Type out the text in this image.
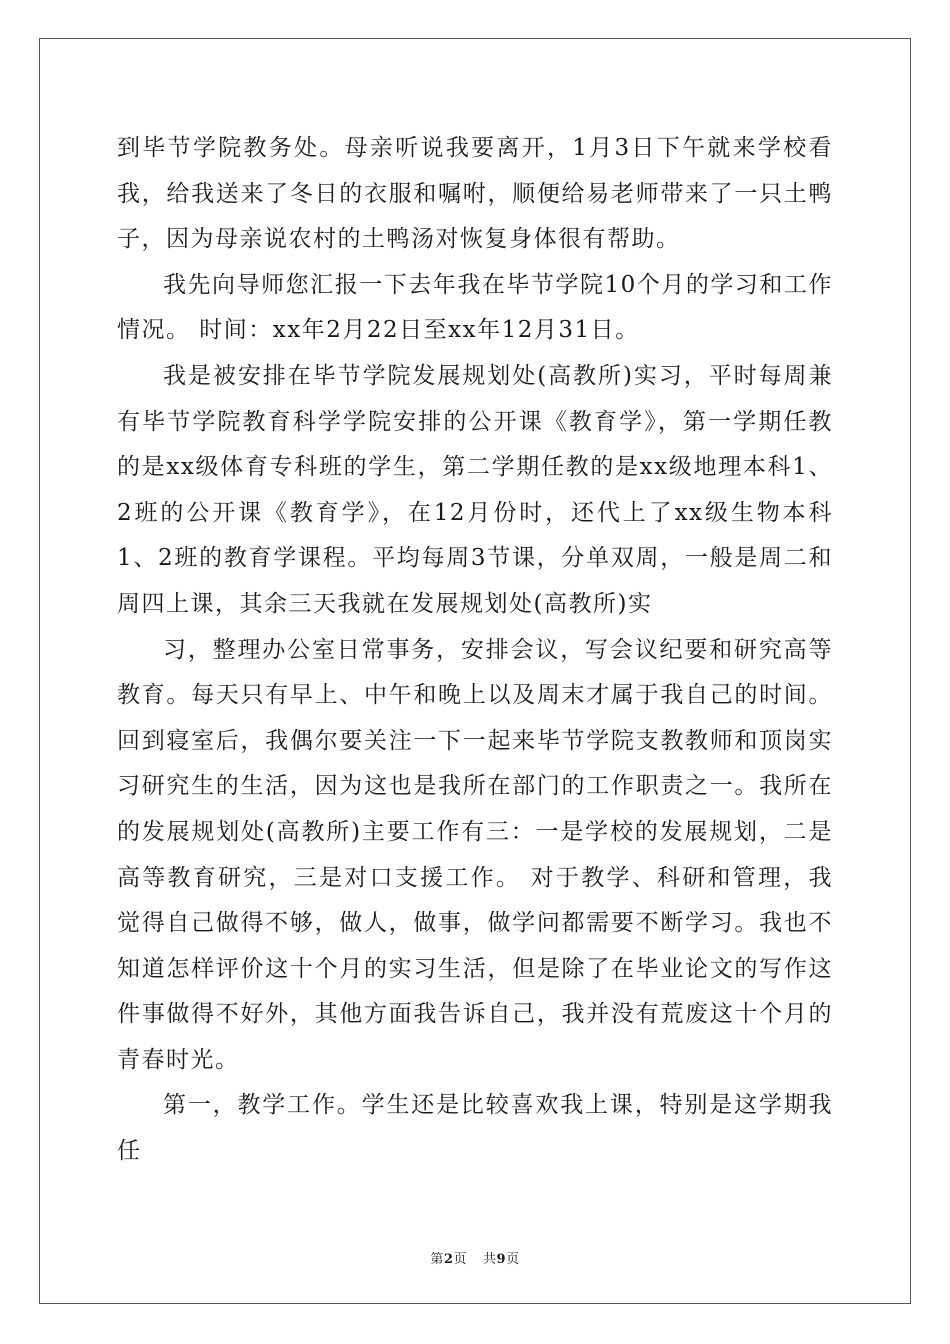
到毕节学院教务处。母亲听说我要离开，1月3日下午就来学校看我，给我送来了冬日的衣服和嘱咐，顺便给易老师带来了一只土鸭子，因为母亲说农村的土鸭汤对恢复身体很有帮助。

我先向导师您汇报一下去年我在毕节学院10个月的学习和工作情况。 时间：xx年2月22日至xx年12月31日。

我是被安排在毕节学院发展规划处(高教所)实习，平时每周兼有毕节学院教育科学学院安排的公开课《教育学》，第一学期任教的是xx级体育专科班的学生，第二学期任教的是xx级地理本科1、2班的公开课《教育学》，在12月份时，还代上了xx级生物本科1、2班的教育学课程。平均每周3节课，分单双周，一般是周二和周四上课，其余三天我就在发展规划处(高教所)实

习，整理办公室日常事务，安排会议，写会议纪要和研究高等教育。每天只有早上、中午和晚上以及周末才属于我自己的时间。回到寝室后，我偶尔要关注一下一起来毕节学院支教教师和顶岗实习研究生的生活，因为这也是我所在部门的工作职责之一。我所在的发展规划处(高教所)主要工作有三：一是学校的发展规划，二是高等教育研究，三是对口支援工作。 对于教学、科研和管理，我觉得自己做得不够，做人，做事，做学问都需要不断学习。我也不知道怎样评价这十个月的实习生活，但是除了在毕业论文的写作这件事做得不好外，其他方面我告诉自己，我并没有荒废这十个月的青春时光。

第一，教学工作。学生还是比较喜欢我上课，特别是这学期我任

第2页 共9页
